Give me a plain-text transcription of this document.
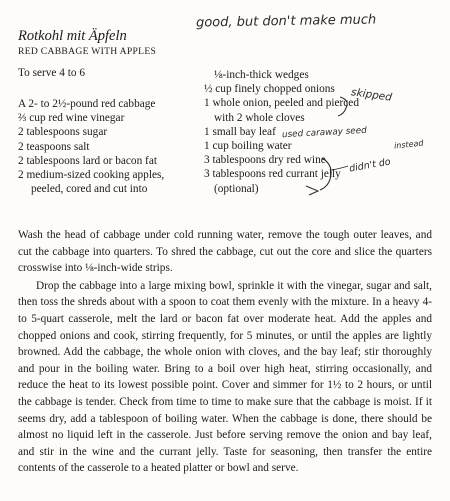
Rotkohl mit Äpfeln
RED CABBAGE WITH APPLES
To serve 4 to 6
A 2- to 2½-pound red cabbage
⅔ cup red wine vinegar
2 tablespoons sugar
2 teaspoons salt
2 tablespoons lard or bacon fat
2 medium-sized cooking apples,
peeled, cored and cut into
⅛-inch-thick wedges
½ cup finely chopped onions
1 whole onion, peeled and pierced
with 2 whole cloves
1 small bay leaf
1 cup boiling water
3 tablespoons dry red wine
3 tablespoons red currant jelly
(optional)

Wash the head of cabbage under cold running water, remove the tough outer leaves, and cut the cabbage into quarters. To shred the cabbage, cut out the core and slice the quarters crosswise into ⅛-inch-wide strips.

Drop the cabbage into a large mixing bowl, sprinkle it with the vinegar, sugar and salt, then toss the shreds about with a spoon to coat them evenly with the mixture. In a heavy 4- to 5-quart casserole, melt the lard or bacon fat over moderate heat. Add the apples and chopped onions and cook, stirring frequently, for 5 minutes, or until the apples are lightly browned. Add the cabbage, the whole onion with cloves, and the bay leaf; stir thoroughly and pour in the boiling water. Bring to a boil over high heat, stirring occasionally, and reduce the heat to its lowest possible point. Cover and simmer for 1½ to 2 hours, or until the cabbage is tender. Check from time to time to make sure that the cabbage is moist. If it seems dry, add a tablespoon of boiling water. When the cabbage is done, there should be almost no liquid left in the casserole. Just before serving remove the onion and bay leaf, and stir in the wine and the currant jelly. Taste for seasoning, then transfer the entire contents of the casserole to a heated platter or bowl and serve.

good, but don't make much
skipped
used caraway seed
instead
didn't do
